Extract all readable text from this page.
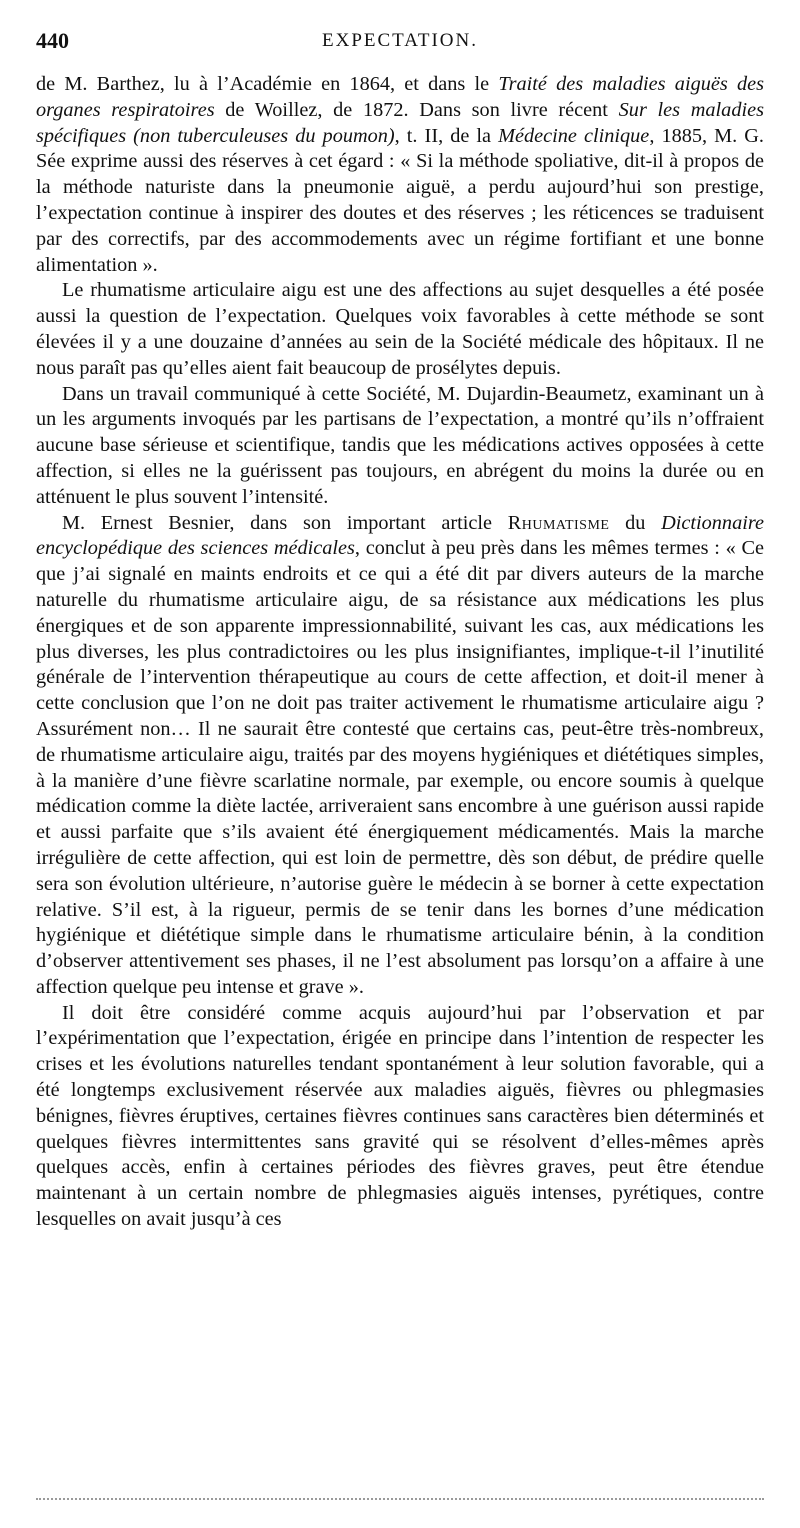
440	EXPECTATION.

de M. Barthez, lu à l’Académie en 1864, et dans le Traité des maladies aiguës des organes respiratoires de Woillez, de 1872. Dans son livre récent Sur les maladies spécifiques (non tuberculeuses du poumon), t. II, de la Médecine clinique, 1885, M. G. Sée exprime aussi des réserves à cet égard : « Si la méthode spoliative, dit-il à propos de la méthode naturiste dans la pneumonie aiguë, a perdu aujourd’hui son prestige, l’expectation continue à inspirer des doutes et des réserves ; les réticences se traduisent par des correctifs, par des accommodements avec un régime fortifiant et une bonne alimentation ».

Le rhumatisme articulaire aigu est une des affections au sujet desquelles a été posée aussi la question de l’expectation. Quelques voix favorables à cette méthode se sont élevées il y a une douzaine d’années au sein de la Société médicale des hôpitaux. Il ne nous paraît pas qu’elles aient fait beaucoup de prosélytes depuis.

Dans un travail communiqué à cette Société, M. Dujardin-Beaumetz, examinant un à un les arguments invoqués par les partisans de l’expectation, a montré qu’ils n’offraient aucune base sérieuse et scientifique, tandis que les médications actives opposées à cette affection, si elles ne la guérissent pas toujours, en abrégent du moins la durée ou en atténuent le plus souvent l’intensité.

M. Ernest Besnier, dans son important article Rhumatisme du Dictionnaire encyclopédique des sciences médicales, conclut à peu près dans les mêmes termes : « Ce que j’ai signalé en maints endroits et ce qui a été dit par divers auteurs de la marche naturelle du rhumatisme articulaire aigu, de sa résistance aux médications les plus énergiques et de son apparente impressionnabilité, suivant les cas, aux médications les plus diverses, les plus contradictoires ou les plus insignifiantes, implique-t-il l’inutilité générale de l’intervention thérapeutique au cours de cette affection, et doit-il mener à cette conclusion que l’on ne doit pas traiter activement le rhumatisme articulaire aigu ? Assurément non… Il ne saurait être contesté que certains cas, peut-être très-nombreux, de rhumatisme articulaire aigu, traités par des moyens hygiéniques et diététiques simples, à la manière d’une fièvre scarlatine normale, par exemple, ou encore soumis à quelque médication comme la diète lactée, arriveraient sans encombre à une guérison aussi rapide et aussi parfaite que s’ils avaient été énergiquement médicamentés. Mais la marche irrégulière de cette affection, qui est loin de permettre, dès son début, de prédire quelle sera son évolution ultérieure, n’autorise guère le médecin à se borner à cette expectation relative. S’il est, à la rigueur, permis de se tenir dans les bornes d’une médication hygiénique et diététique simple dans le rhumatisme articulaire bénin, à la condition d’observer attentivement ses phases, il ne l’est absolument pas lorsqu’on a affaire à une affection quelque peu intense et grave ».

Il doit être considéré comme acquis aujourd’hui par l’observation et par l’expérimentation que l’expectation, érigée en principe dans l’intention de respecter les crises et les évolutions naturelles tendant spontanément à leur solution favorable, qui a été longtemps exclusivement réservée aux maladies aiguës, fièvres ou phlegmasies bénignes, fièvres éruptives, certaines fièvres continues sans caractères bien déterminés et quelques fièvres intermittentes sans gravité qui se résolvent d’elles-mêmes après quelques accès, enfin à certaines périodes des fièvres graves, peut être étendue maintenant à un certain nombre de phlegmasies aiguës intenses, pyrétiques, contre lesquelles on avait jusqu’à ces
